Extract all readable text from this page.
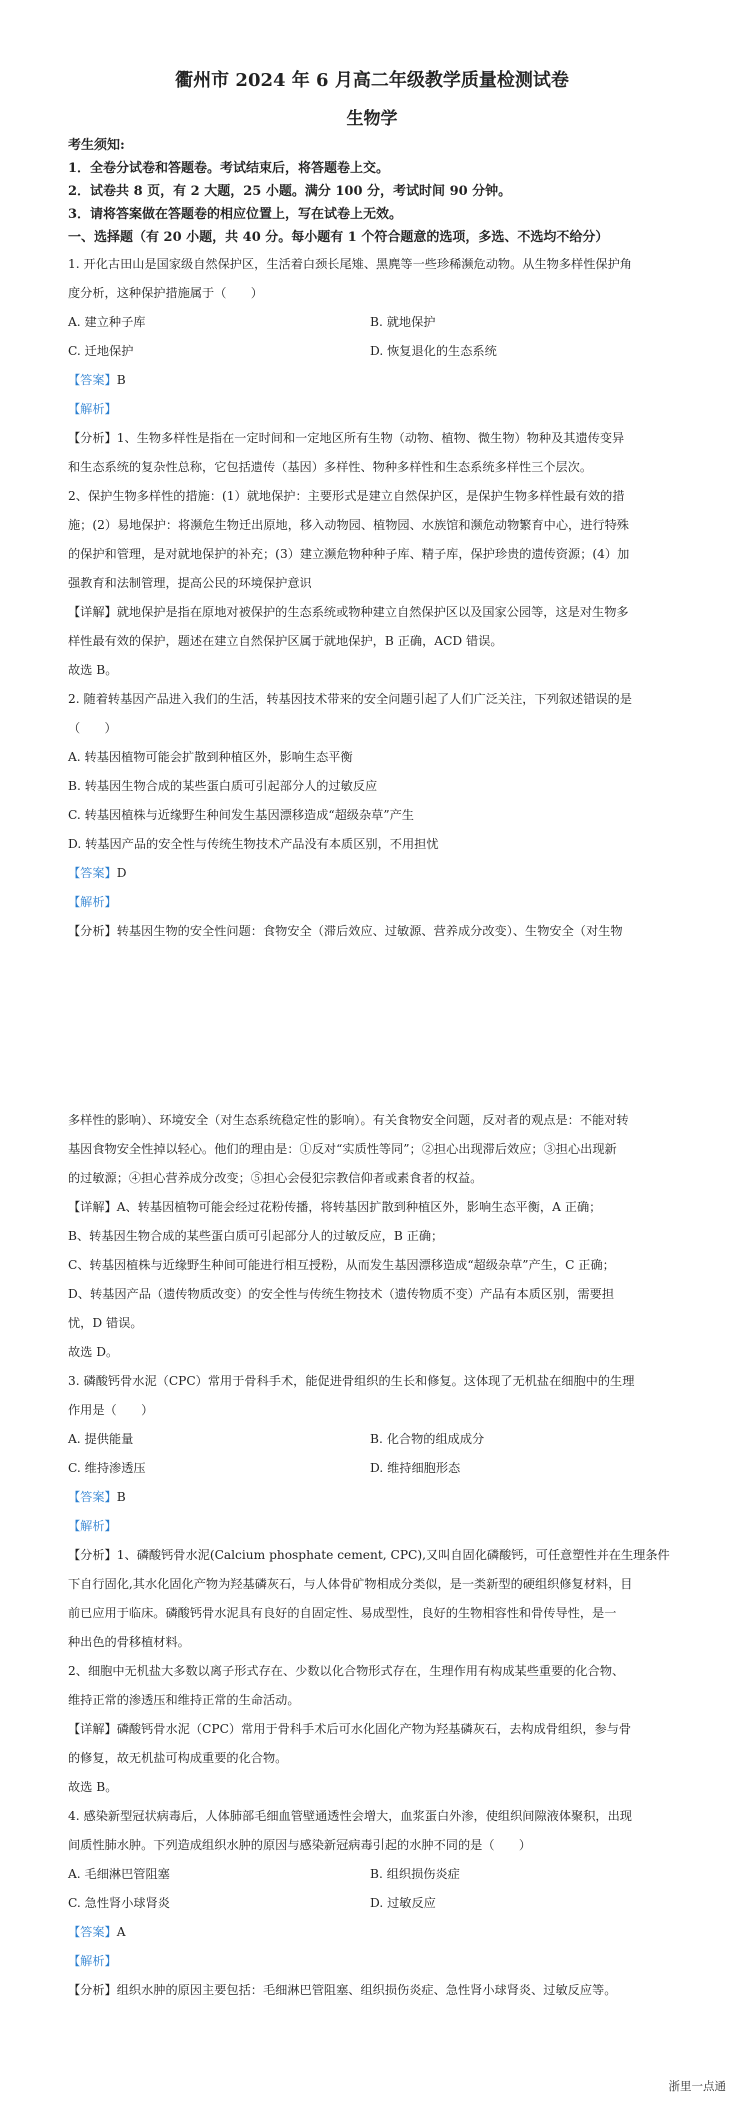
衢州市 2024 年 6 月高二年级教学质量检测试卷
生物学
考生须知:
1．全卷分试卷和答题卷。考试结束后，将答题卷上交。
2．试卷共 8 页，有 2 大题，25 小题。满分 100 分，考试时间 90 分钟。
3．请将答案做在答题卷的相应位置上，写在试卷上无效。
一、选择题（有 20 小题，共 40 分。每小题有 1 个符合题意的选项，多选、不选均不给分）
1. 开化古田山是国家级自然保护区，生活着白颈长尾雉、黑麂等一些珍稀濒危动物。从生物多样性保护角
度分析，这种保护措施属于（　　）
A. 建立种子库	B. 就地保护
C. 迁地保护	D. 恢复退化的生态系统
【答案】B
【解析】
【分析】1、生物多样性是指在一定时间和一定地区所有生物（动物、植物、微生物）物种及其遗传变异
和生态系统的复杂性总称，它包括遗传（基因）多样性、物种多样性和生态系统多样性三个层次。
2、保护生物多样性的措施：(1）就地保护：主要形式是建立自然保护区，是保护生物多样性最有效的措
施；(2）易地保护：将濒危生物迁出原地，移入动物园、植物园、水族馆和濒危动物繁育中心，进行特殊
的保护和管理，是对就地保护的补充；(3）建立濒危物种种子库、精子库，保护珍贵的遗传资源；(4）加
强教育和法制管理，提高公民的环境保护意识
【详解】就地保护是指在原地对被保护的生态系统或物种建立自然保护区以及国家公园等，这是对生物多
样性最有效的保护，题述在建立自然保护区属于就地保护，B 正确，ACD 错误。
故选 B。
2. 随着转基因产品进入我们的生活，转基因技术带来的安全问题引起了人们广泛关注，下列叙述错误的是
（　　）
A. 转基因植物可能会扩散到种植区外，影响生态平衡
B. 转基因生物合成的某些蛋白质可引起部分人的过敏反应
C. 转基因植株与近缘野生种间发生基因漂移造成“超级杂草”产生
D. 转基因产品的安全性与传统生物技术产品没有本质区别，不用担忧
【答案】D
【解析】
【分析】转基因生物的安全性问题：食物安全（滞后效应、过敏源、营养成分改变）、生物安全（对生物
多样性的影响）、环境安全（对生态系统稳定性的影响）。有关食物安全问题，反对者的观点是：不能对转
基因食物安全性掉以轻心。他们的理由是：①反对“实质性等同”；②担心出现滞后效应；③担心出现新
的过敏源；④担心营养成分改变；⑤担心会侵犯宗教信仰者或素食者的权益。
【详解】A、转基因植物可能会经过花粉传播，将转基因扩散到种植区外，影响生态平衡，A 正确；
B、转基因生物合成的某些蛋白质可引起部分人的过敏反应，B 正确；
C、转基因植株与近缘野生种间可能进行相互授粉，从而发生基因漂移造成“超级杂草”产生，C 正确；
D、转基因产品（遗传物质改变）的安全性与传统生物技术（遗传物质不变）产品有本质区别，需要担
忧，D 错误。
故选 D。
3. 磷酸钙骨水泥（CPC）常用于骨科手术，能促进骨组织的生长和修复。这体现了无机盐在细胞中的生理
作用是（　　）
A. 提供能量	B. 化合物的组成成分
C. 维持渗透压	D. 维持细胞形态
【答案】B
【解析】
【分析】1、磷酸钙骨水泥(Calcium phosphate cement, CPC),又叫自固化磷酸钙，可任意塑性并在生理条件
下自行固化,其水化固化产物为羟基磷灰石，与人体骨矿物相成分类似，是一类新型的硬组织修复材料，目
前已应用于临床。磷酸钙骨水泥具有良好的自固定性、易成型性，良好的生物相容性和骨传导性，是一
种出色的骨移植材料。
2、细胞中无机盐大多数以离子形式存在、少数以化合物形式存在，生理作用有构成某些重要的化合物、
维持正常的渗透压和维持正常的生命活动。
【详解】磷酸钙骨水泥（CPC）常用于骨科手术后可水化固化产物为羟基磷灰石，去构成骨组织，参与骨
的修复，故无机盐可构成重要的化合物。
故选 B。
4. 感染新型冠状病毒后，人体肺部毛细血管壁通透性会增大，血浆蛋白外渗，使组织间隙液体聚积，出现
间质性肺水肿。下列造成组织水肿的原因与感染新冠病毒引起的水肿不同的是（　　）
A. 毛细淋巴管阻塞	B. 组织损伤炎症
C. 急性肾小球肾炎	D. 过敏反应
【答案】A
【解析】
【分析】组织水肿的原因主要包括：毛细淋巴管阻塞、组织损伤炎症、急性肾小球肾炎、过敏反应等。
浙里一点通
